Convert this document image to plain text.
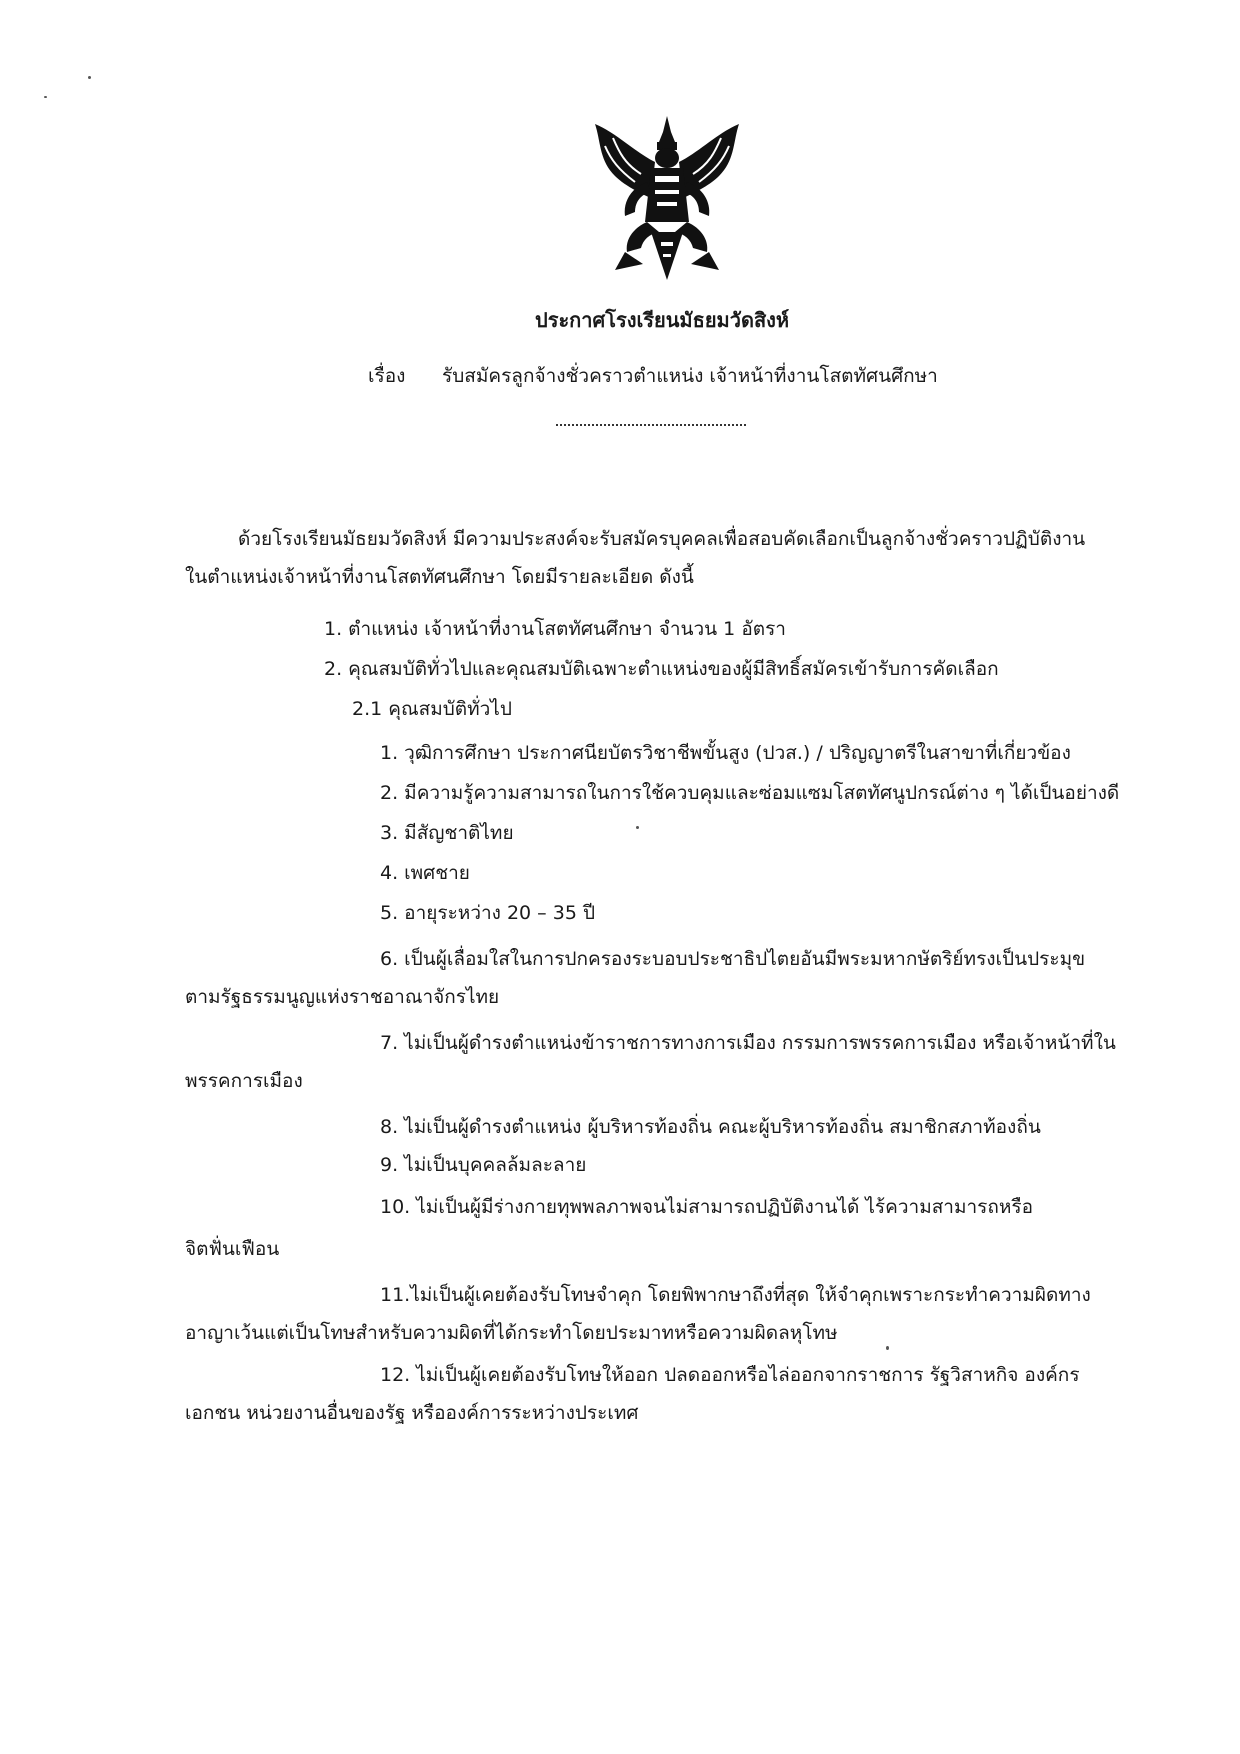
ประกาศโรงเรียนมัธยมวัดสิงห์
เรื่อง รับสมัครลูกจ้างชั่วคราวตำแหน่ง เจ้าหน้าที่งานโสตทัศนศึกษา
ด้วยโรงเรียนมัธยมวัดสิงห์ มีความประสงค์จะรับสมัครบุคคลเพื่อสอบคัดเลือกเป็นลูกจ้างชั่วคราวปฏิบัติงาน
ในตำแหน่งเจ้าหน้าที่งานโสตทัศนศึกษา โดยมีรายละเอียด ดังนี้
1. ตำแหน่ง เจ้าหน้าที่งานโสตทัศนศึกษา จำนวน 1 อัตรา
2. คุณสมบัติทั่วไปและคุณสมบัติเฉพาะตำแหน่งของผู้มีสิทธิ์สมัครเข้ารับการคัดเลือก
2.1 คุณสมบัติทั่วไป
1. วุฒิการศึกษา ประกาศนียบัตรวิชาชีพขั้นสูง (ปวส.) / ปริญญาตรีในสาขาที่เกี่ยวข้อง
2. มีความรู้ความสามารถในการใช้ควบคุมและซ่อมแซมโสตทัศนูปกรณ์ต่าง ๆ ได้เป็นอย่างดี
3. มีสัญชาติไทย
4. เพศชาย
5. อายุระหว่าง 20 – 35 ปี
6. เป็นผู้เลื่อมใสในการปกครองระบอบประชาธิปไตยอันมีพระมหากษัตริย์ทรงเป็นประมุข
ตามรัฐธรรมนูญแห่งราชอาณาจักรไทย
7. ไม่เป็นผู้ดำรงตำแหน่งข้าราชการทางการเมือง กรรมการพรรคการเมือง หรือเจ้าหน้าที่ใน
พรรคการเมือง
8. ไม่เป็นผู้ดำรงตำแหน่ง ผู้บริหารท้องถิ่น คณะผู้บริหารท้องถิ่น สมาชิกสภาท้องถิ่น
9. ไม่เป็นบุคคลล้มละลาย
10. ไม่เป็นผู้มีร่างกายทุพพลภาพจนไม่สามารถปฏิบัติงานได้ ไร้ความสามารถหรือ
จิตฟั่นเฟือน
11.ไม่เป็นผู้เคยต้องรับโทษจำคุก โดยพิพากษาถึงที่สุด ให้จำคุกเพราะกระทำความผิดทาง
อาญาเว้นแต่เป็นโทษสำหรับความผิดที่ได้กระทำโดยประมาทหรือความผิดลหุโทษ
12. ไม่เป็นผู้เคยต้องรับโทษให้ออก ปลดออกหรือไล่ออกจากราชการ รัฐวิสาหกิจ องค์กร
เอกชน หน่วยงานอื่นของรัฐ หรือองค์การระหว่างประเทศ
